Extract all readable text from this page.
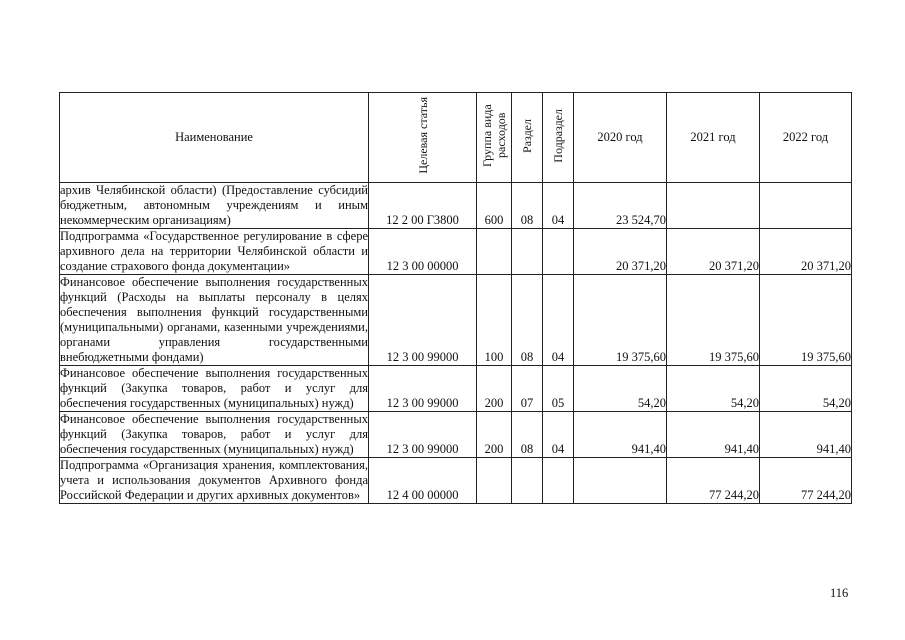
Наименование	Целевая статья	Группа вида расходов	Раздел	Подраздел	2020 год	2021 год	2022 год
архив Челябинской области) (Предоставление субсидий бюджетным, автономным учреждениям и иным некоммерческим организациям)	12 2 00 Г3800	600	08	04	23 524,70		
Подпрограмма «Государственное регулирование в сфере архивного дела на территории Челябинской области и создание страхового фонда документации»	12 3 00 00000				20 371,20	20 371,20	20 371,20
Финансовое обеспечение выполнения государственных функций (Расходы на выплаты персоналу в целях обеспечения выполнения функций государственными (муниципальными) органами, казенными учреждениями, органами управления государственными внебюджетными фондами)	12 3 00 99000	100	08	04	19 375,60	19 375,60	19 375,60
Финансовое обеспечение выполнения государственных функций (Закупка товаров, работ и услуг для обеспечения государственных (муниципальных) нужд)	12 3 00 99000	200	07	05	54,20	54,20	54,20
Финансовое обеспечение выполнения государственных функций (Закупка товаров, работ и услуг для обеспечения государственных (муниципальных) нужд)	12 3 00 99000	200	08	04	941,40	941,40	941,40
Подпрограмма «Организация хранения, комплектования, учета и использования документов Архивного фонда Российской Федерации и других архивных документов»	12 4 00 00000					77 244,20	77 244,20
116
